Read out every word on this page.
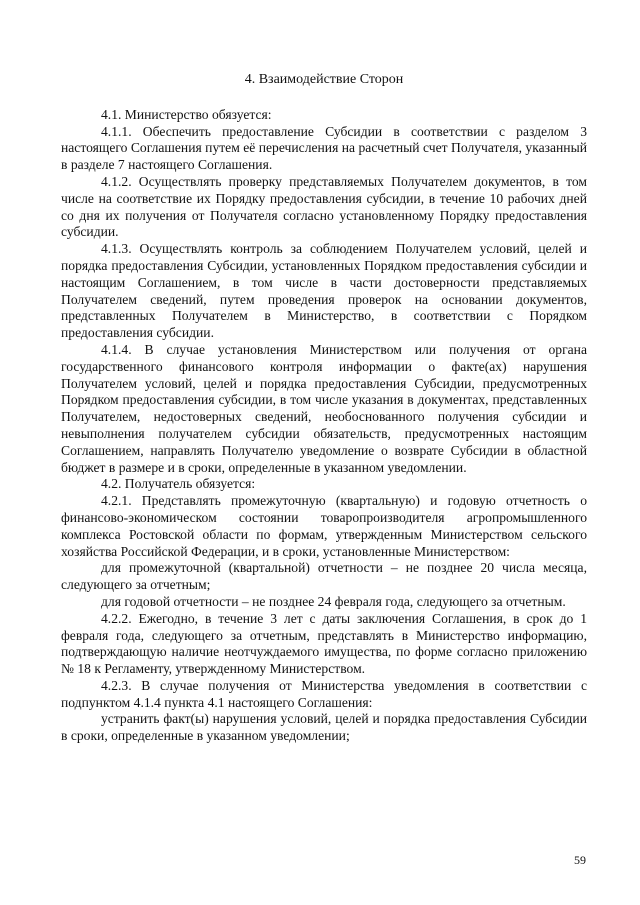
4. Взаимодействие Сторон

4.1. Министерство обязуется:

4.1.1. Обеспечить предоставление Субсидии в соответствии с разделом 3 настоящего Соглашения путем её перечисления на расчетный счет Получателя, указанный в разделе 7 настоящего Соглашения.

4.1.2. Осуществлять проверку представляемых Получателем документов, в том числе на соответствие их Порядку предоставления субсидии, в течение 10 рабочих дней со дня их получения от Получателя согласно установленному Порядку предоставления субсидии.

4.1.3. Осуществлять контроль за соблюдением Получателем условий, целей и порядка предоставления Субсидии, установленных Порядком предоставления субсидии и настоящим Соглашением, в том числе в части достоверности представляемых Получателем сведений, путем проведения проверок на основании документов, представленных Получателем в Министерство, в соответствии с Порядком предоставления субсидии.

4.1.4. В случае установления Министерством или получения от органа государственного финансового контроля информации о факте(ах) нарушения Получателем условий, целей и порядка предоставления Субсидии, предусмотренных Порядком предоставления субсидии, в том числе указания в документах, представленных Получателем, недостоверных сведений, необоснованного получения субсидии и невыполнения получателем субсидии обязательств, предусмотренных настоящим Соглашением, направлять Получателю уведомление о возврате Субсидии в областной бюджет в размере и в сроки, определенные в указанном уведомлении.

4.2. Получатель обязуется:

4.2.1. Представлять промежуточную (квартальную) и годовую отчетность о финансово-экономическом состоянии товаропроизводителя агропромышленного комплекса Ростовской области по формам, утвержденным Министерством сельского хозяйства Российской Федерации, и в сроки, установленные Министерством:

для промежуточной (квартальной) отчетности – не позднее 20 числа месяца, следующего за отчетным;

для годовой отчетности – не позднее 24 февраля года, следующего за отчетным.

4.2.2. Ежегодно, в течение 3 лет с даты заключения Соглашения, в срок до 1 февраля года, следующего за отчетным, представлять в Министерство информацию, подтверждающую наличие неотчуждаемого имущества, по форме согласно приложению № 18 к Регламенту, утвержденному Министерством.

4.2.3. В случае получения от Министерства уведомления в соответствии с подпунктом 4.1.4 пункта 4.1 настоящего Соглашения:

устранить факт(ы) нарушения условий, целей и порядка предоставления Субсидии в сроки, определенные в указанном уведомлении;

59
